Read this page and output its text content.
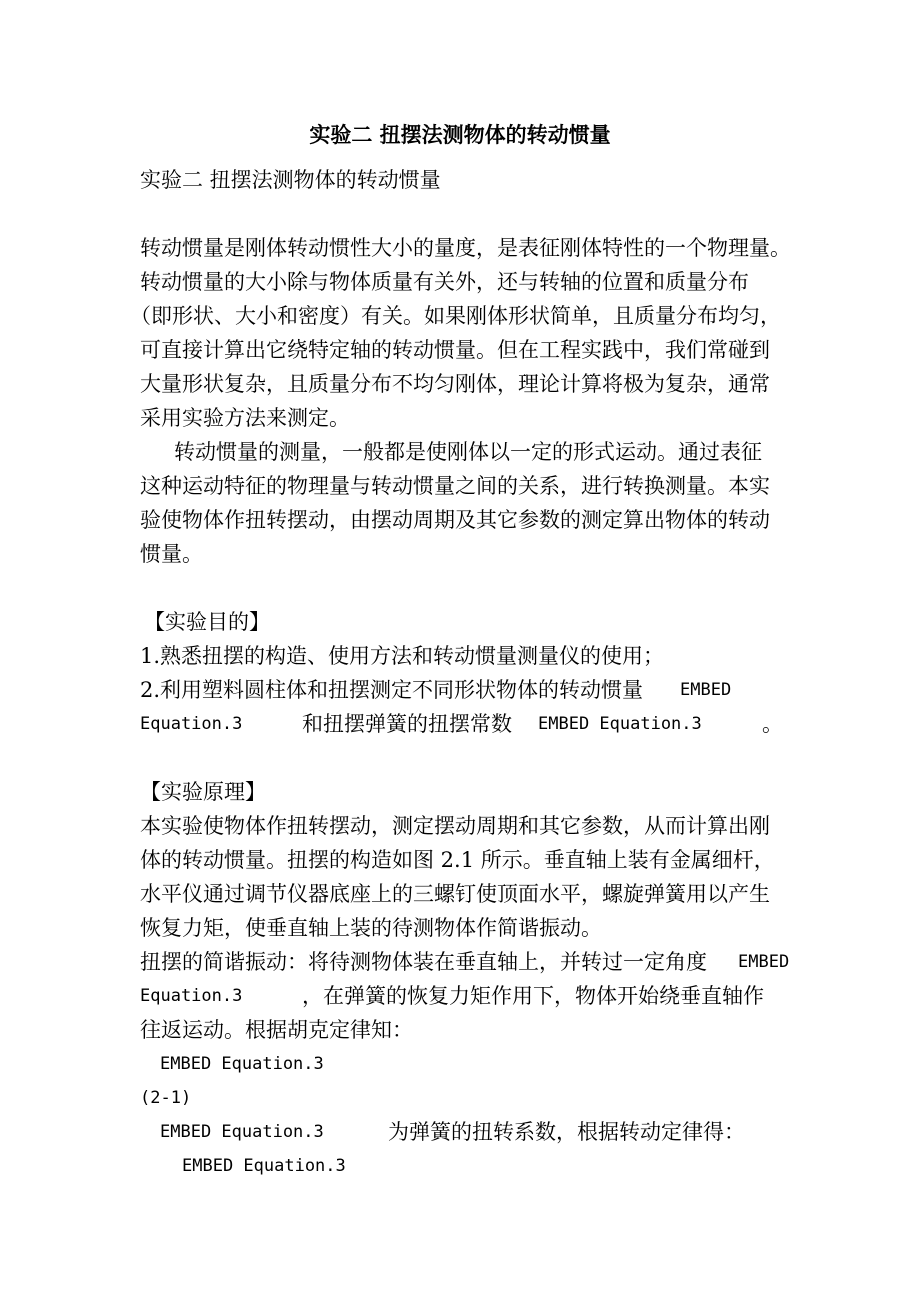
实验二 扭摆法测物体的转动惯量
实验二 扭摆法测物体的转动惯量
转动惯量是刚体转动惯性大小的量度，是表征刚体特性的一个物理量。
转动惯量的大小除与物体质量有关外，还与转轴的位置和质量分布
（即形状、大小和密度）有关。如果刚体形状简单，且质量分布均匀，
可直接计算出它绕特定轴的转动惯量。但在工程实践中，我们常碰到
大量形状复杂，且质量分布不均匀刚体，理论计算将极为复杂，通常
采用实验方法来测定。
转动惯量的测量，一般都是使刚体以一定的形式运动。通过表征
这种运动特征的物理量与转动惯量之间的关系，进行转换测量。本实
验使物体作扭转摆动，由摆动周期及其它参数的测定算出物体的转动
惯量。
【实验目的】
1.熟悉扭摆的构造、使用方法和转动惯量测量仪的使用；
2.利用塑料圆柱体和扭摆测定不同形状物体的转动惯量 EMBED
Equation.3	和扭摆弹簧的扭摆常数 EMBED Equation.3	。
【实验原理】
本实验使物体作扭转摆动，测定摆动周期和其它参数，从而计算出刚
体的转动惯量。扭摆的构造如图 2.1 所示。垂直轴上装有金属细杆，
水平仪通过调节仪器底座上的三螺钉使顶面水平，螺旋弹簧用以产生
恢复力矩，使垂直轴上装的待测物体作简谐振动。
扭摆的简谐振动：将待测物体装在垂直轴上，并转过一定角度 EMBED
Equation.3	，在弹簧的恢复力矩作用下，物体开始绕垂直轴作
往返运动。根据胡克定律知：
EMBED Equation.3
(2-1)
EMBED Equation.3	为弹簧的扭转系数，根据转动定律得：
EMBED Equation.3
